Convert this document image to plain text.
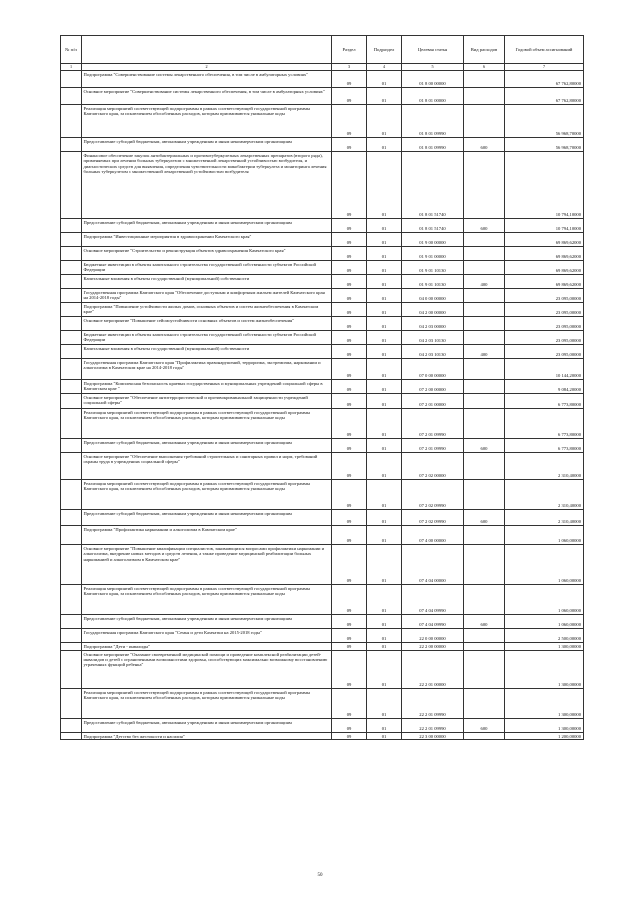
№ п/п		Раздел	Подраздел	Целевая статья	Вид расходов	Годовой объем ассигнований
1	2	3	4	5	6	7
	Подпрограмма "Совершенствование системы лекарственного обеспечения, в том числе в амбулаторных условиях"	09	01	01 8 00 00000		67 762,80000
	Основное мероприятие "Совершенствование системы лекарственного обеспечения, в том числе в амбулаторных условиях"	09	01	01 8 01 00000		67 762,80000
	Реализация мероприятий соответствующей подпрограммы в рамках соответствующей государственной программы Камчатского края, за исключением обособленных расходов, которым присваиваются уникальные коды	09	01	01 8 01 09990		56 968,70000
	Предоставление субсидий бюджетным, автономным учреждениям и иным некоммерческим организациям	09	01	01 8 01 09990	600	56 968,70000
	Финансовое обеспечение закупок антибактериальных и противотуберкулезных лекарственных препаратов (второго ряда), применяемых при лечении больных туберкулезом с множественной лекарственной устойчивостью возбудителя, и диагностических средств для выявления, определения чувствительности микобактерии туберкулеза и мониторинга лечения больных туберкулезом с множественной лекарственной устойчивостью возбудителя	09	01	01 8 01 51740		10 794,10000
	Предоставление субсидий бюджетным, автономным учреждениям и иным некоммерческим организациям	09	01	01 8 01 51740	600	10 794,10000
	Подпрограмма "Инвестиционные мероприятия в здравоохранении Камчатского края"	09	01	01 9 00 00000		69 869,62000
	Основное мероприятие "Строительство и реконструкция объектов здравоохранения Камчатского края"	09	01	01 9 01 00000		69 869,62000
	Бюджетные инвестиции в объекты капитального строительства государственной собственности субъектов Российской Федерации	09	01	01 9 01 10130		69 869,62000
	Капитальные вложения в объекты государственной (муниципальной) собственности	09	01	01 9 01 10130	400	69 869,62000
	Государственная программа Камчатского края "Обеспечение доступным и комфортным жильем жителей Камчатского края на 2014-2018 годы"	09	01	04 0 00 00000		23 095,00000
	Подпрограмма "Повышение устойчивости жилых домов, основных объектов и систем жизнеобеспечения в Камчатском крае"	09	01	04 2 00 00000		23 095,00000
	Основное мероприятие "Повышение сейсмоустойчивости основных объектов и систем жизнеобеспечения"	09	01	04 2 03 00000		23 095,00000
	Бюджетные инвестиции в объекты капитального строительства государственной собственности субъектов Российской Федерации	09	01	04 2 03 10130		23 095,00000
	Капитальные вложения в объекты государственной (муниципальной) собственности	09	01	04 2 03 10130	400	23 095,00000
	Государственная программа Камчатского края "Профилактика правонарушений, терроризма, экстремизма, наркомании и алкоголизма в Камчатском крае на 2014-2018 годы"	09	01	07 0 00 00000		10 144,20000
	Подпрограмма "Комплексная безопасность краевых государственных и муниципальных учреждений социальной сферы в Камчатском крае "	09	01	07 2 00 00000		9 084,20000
	Основное мероприятие "Обеспечение антитеррористической и противокриминальной защищенности учреждений социальной сферы"	09	01	07 2 01 00000		6 773,80000
	Реализация мероприятий соответствующей подпрограммы в рамках соответствующей государственной программы Камчатского края, за исключением обособленных расходов, которым присваиваются уникальные коды	09	01	07 2 01 09990		6 773,80000
	Предоставление субсидий бюджетным, автономным учреждениям и иным некоммерческим организациям	09	01	07 2 01 09990	600	6 773,80000
	Основное мероприятие "Обеспечение выполнения требований строительных и санитарных правил и норм, требований охраны труда в учреждениях социальной сферы"	09	01	07 2 02 00000		2 310,40000
	Реализация мероприятий соответствующей подпрограммы в рамках соответствующей государственной программы Камчатского края, за исключением обособленных расходов, которым присваиваются уникальные коды	09	01	07 2 02 09990		2 310,40000
	Предоставление субсидий бюджетным, автономным учреждениям и иным некоммерческим организациям	09	01	07 2 02 09990	600	2 310,40000
	Подпрограмма "Профилактика наркомании и алкоголизма в Камчатском крае"	09	01	07 4 00 00000		1 060,00000
	Основное мероприятие "Повышение квалификации специалистов, занимающихся вопросами профилактики наркомании и алкоголизма, внедрение новых методов и средств лечения, а также проведение медицинской реабилитации больных наркоманией и алкоголизмом в Камчатском крае"	09	01	07 4 04 00000		1 060,00000
	Реализация мероприятий соответствующей подпрограммы в рамках соответствующей государственной программы Камчатского края, за исключением обособленных расходов, которым присваиваются уникальные коды	09	01	07 4 04 09990		1 060,00000
	Предоставление субсидий бюджетным, автономным учреждениям и иным некоммерческим организациям	09	01	07 4 04 09990	600	1 060,00000
	Государственная программа Камчатского края "Семья и дети Камчатки на 2015-2018 годы"	09	01	22 0 00 00000		2 500,00000
	Подпрограмма "Дети - инвалиды"	09	01	22 2 00 00000		1 300,00000
	Основное мероприятие "Оказание своевременной медицинской помощи и проведение комплексной реабилитации детей-инвалидов и детей с ограниченными возможностями здоровья, способствующих максимально возможному восстановлению утраченных функций ребенка"	09	01	22 2 01 00000		1 300,00000
	Реализация мероприятий соответствующей подпрограммы в рамках соответствующей государственной программы Камчатского края, за исключением обособленных расходов, которым присваиваются уникальные коды	09	01	22 2 01 09990		1 300,00000
	Предоставление субсидий бюджетным, автономным учреждениям и иным некоммерческим организациям	09	01	22 2 01 09990	600	1 300,00000
	Подпрограмма "Детство без жестокости и насилия"	09	01	22 3 00 00000		1 200,00000
50
